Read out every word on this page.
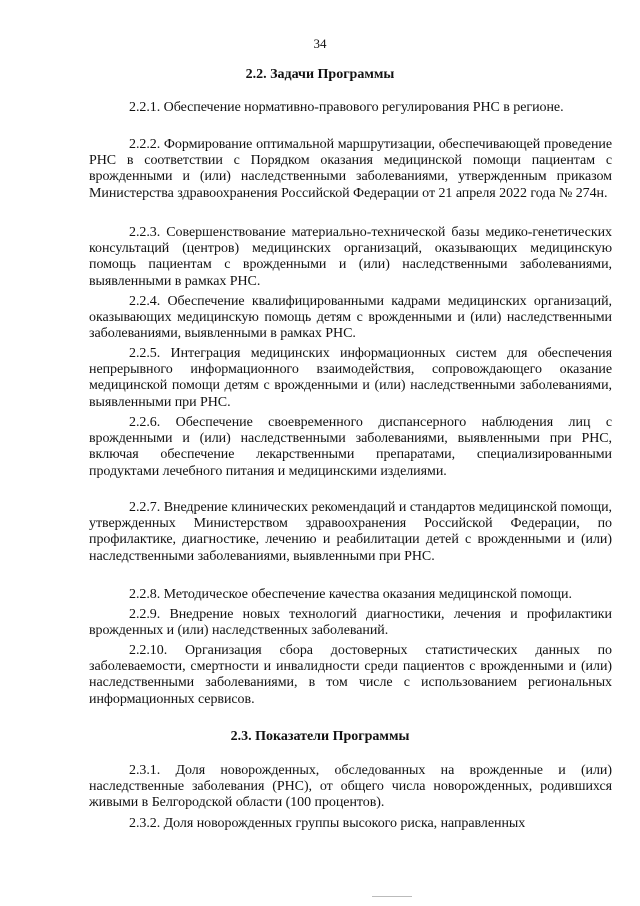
34
2.2. Задачи Программы
2.2.1. Обеспечение нормативно-правового регулирования РНС в регионе.
2.2.2. Формирование оптимальной маршрутизации, обеспечивающей проведение РНС в соответствии с Порядком оказания медицинской помощи пациентам с врожденными и (или) наследственными заболеваниями, утвержденным приказом Министерства здравоохранения Российской Федерации от 21 апреля 2022 года № 274н.
2.2.3. Совершенствование материально-технической базы медико-генетических консультаций (центров) медицинских организаций, оказывающих медицинскую помощь пациентам с врожденными и (или) наследственными заболеваниями, выявленными в рамках РНС.
2.2.4. Обеспечение квалифицированными кадрами медицинских организаций, оказывающих медицинскую помощь детям с врожденными и (или) наследственными заболеваниями, выявленными в рамках РНС.
2.2.5. Интеграция медицинских информационных систем для обеспечения непрерывного информационного взаимодействия, сопровождающего оказание медицинской помощи детям с врожденными и (или) наследственными заболеваниями, выявленными при РНС.
2.2.6. Обеспечение своевременного диспансерного наблюдения лиц с врожденными и (или) наследственными заболеваниями, выявленными при РНС, включая обеспечение лекарственными препаратами, специализированными продуктами лечебного питания и медицинскими изделиями.
2.2.7. Внедрение клинических рекомендаций и стандартов медицинской помощи, утвержденных Министерством здравоохранения Российской Федерации, по профилактике, диагностике, лечению и реабилитации детей с врожденными и (или) наследственными заболеваниями, выявленными при РНС.
2.2.8. Методическое обеспечение качества оказания медицинской помощи.
2.2.9. Внедрение новых технологий диагностики, лечения и профилактики врожденных и (или) наследственных заболеваний.
2.2.10. Организация сбора достоверных статистических данных по заболеваемости, смертности и инвалидности среди пациентов с врожденными и (или) наследственными заболеваниями, в том числе с использованием региональных информационных сервисов.
2.3. Показатели Программы
2.3.1. Доля новорожденных, обследованных на врожденные и (или) наследственные заболевания (РНС), от общего числа новорожденных, родившихся живыми в Белгородской области (100 процентов).
2.3.2. Доля новорожденных группы высокого риска, направленных
